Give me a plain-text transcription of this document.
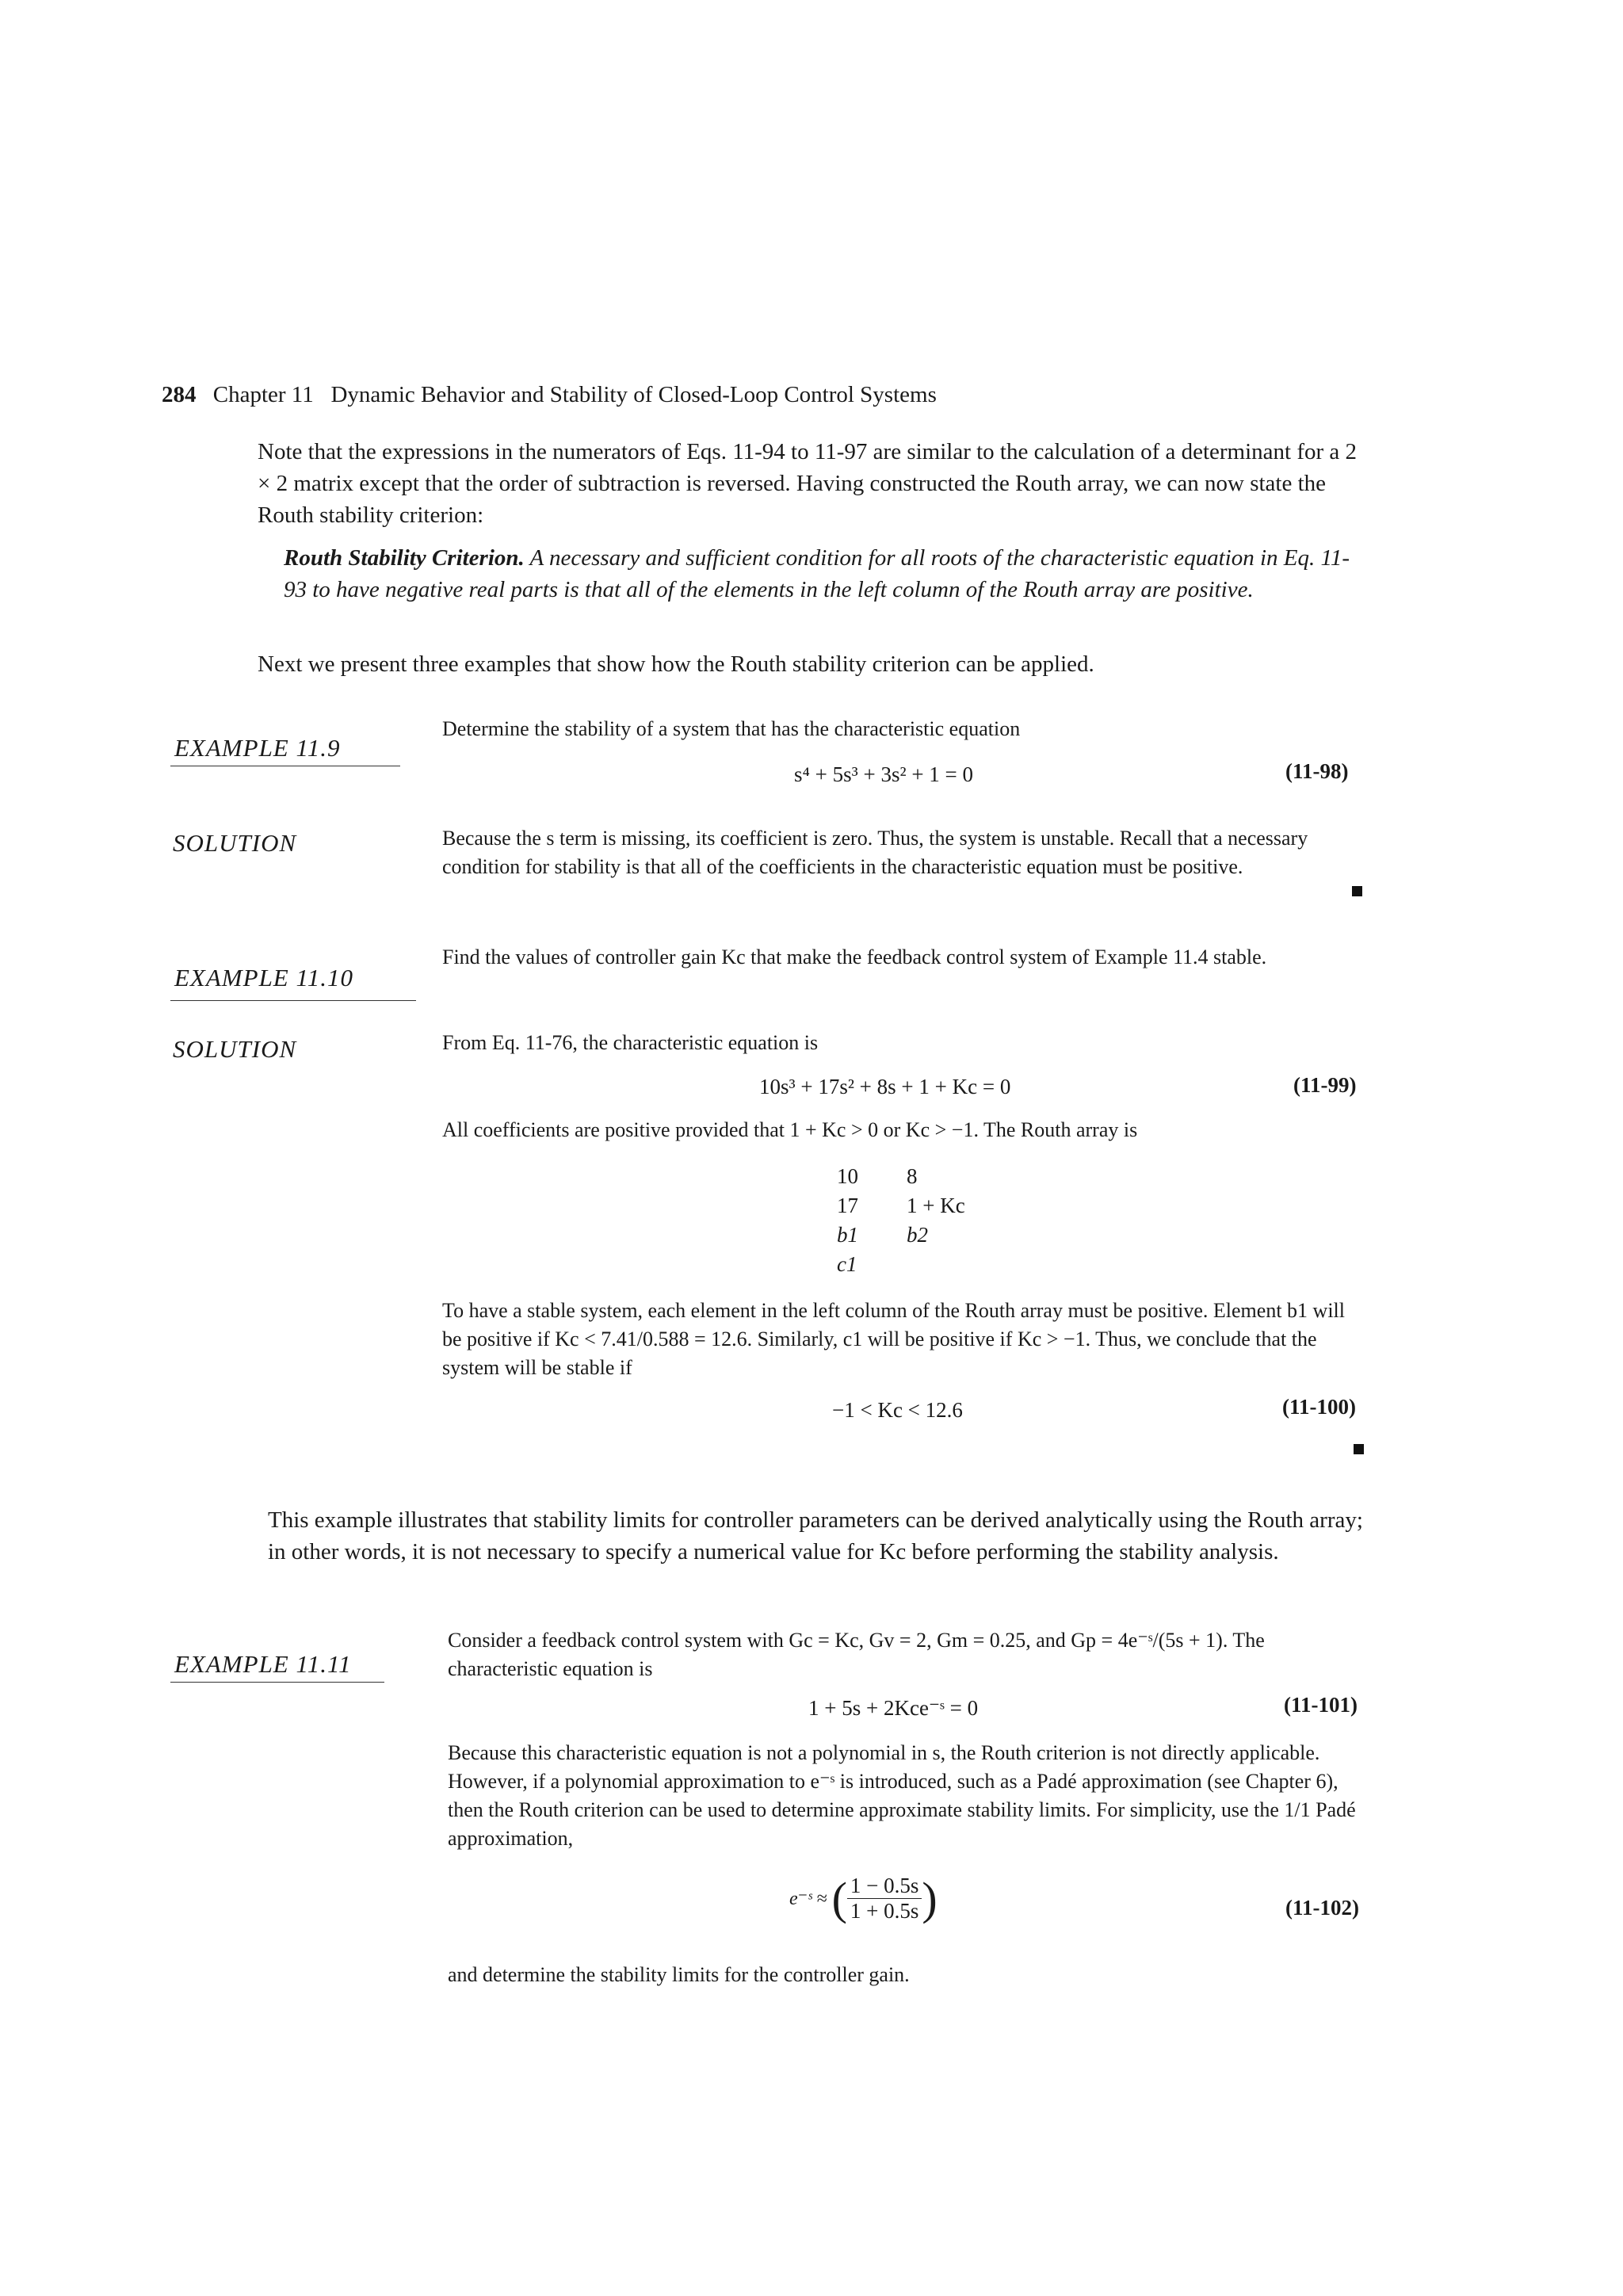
284 Chapter 11   Dynamic Behavior and Stability of Closed-Loop Control Systems
Note that the expressions in the numerators of Eqs. 11-94 to 11-97 are similar to the calculation of a determinant for a 2 × 2 matrix except that the order of subtraction is reversed. Having constructed the Routh array, we can now state the Routh stability criterion:
Routh Stability Criterion. A necessary and sufficient condition for all roots of the characteristic equation in Eq. 11-93 to have negative real parts is that all of the elements in the left column of the Routh array are positive.
Next we present three examples that show how the Routh stability criterion can be applied.
EXAMPLE 11.9
Determine the stability of a system that has the characteristic equation
s⁴ + 5s³ + 3s² + 1 = 0	(11-98)
SOLUTION	Because the s term is missing, its coefficient is zero. Thus, the system is unstable. Recall that a necessary condition for stability is that all of the coefficients in the characteristic equation must be positive.
EXAMPLE 11.10
Find the values of controller gain Kc that make the feedback control system of Example 11.4 stable.
SOLUTION	From Eq. 11-76, the characteristic equation is
10s³ + 17s² + 8s + 1 + Kc = 0	(11-99)
All coefficients are positive provided that 1 + Kc > 0 or Kc > −1. The Routh array is
10 8
17 1 + Kc
b1 b2
c1
To have a stable system, each element in the left column of the Routh array must be positive. Element b1 will be positive if Kc < 7.41/0.588 = 12.6. Similarly, c1 will be positive if Kc > −1. Thus, we conclude that the system will be stable if
−1 < Kc < 12.6	(11-100)
This example illustrates that stability limits for controller parameters can be derived analytically using the Routh array; in other words, it is not necessary to specify a numerical value for Kc before performing the stability analysis.
EXAMPLE 11.11
Consider a feedback control system with Gc = Kc, Gv = 2, Gm = 0.25, and Gp = 4e⁻ˢ/(5s + 1). The characteristic equation is
1 + 5s + 2Kce⁻ˢ = 0	(11-101)
Because this characteristic equation is not a polynomial in s, the Routh criterion is not directly applicable. However, if a polynomial approximation to e⁻ˢ is introduced, such as a Padé approximation (see Chapter 6), then the Routh criterion can be used to determine approximate stability limits. For simplicity, use the 1/1 Padé approximation,
e⁻ˢ ≈ ( $\frac{1 - 0.5s}{1 + 0.5s}$ )	(11-102)
and determine the stability limits for the controller gain.
